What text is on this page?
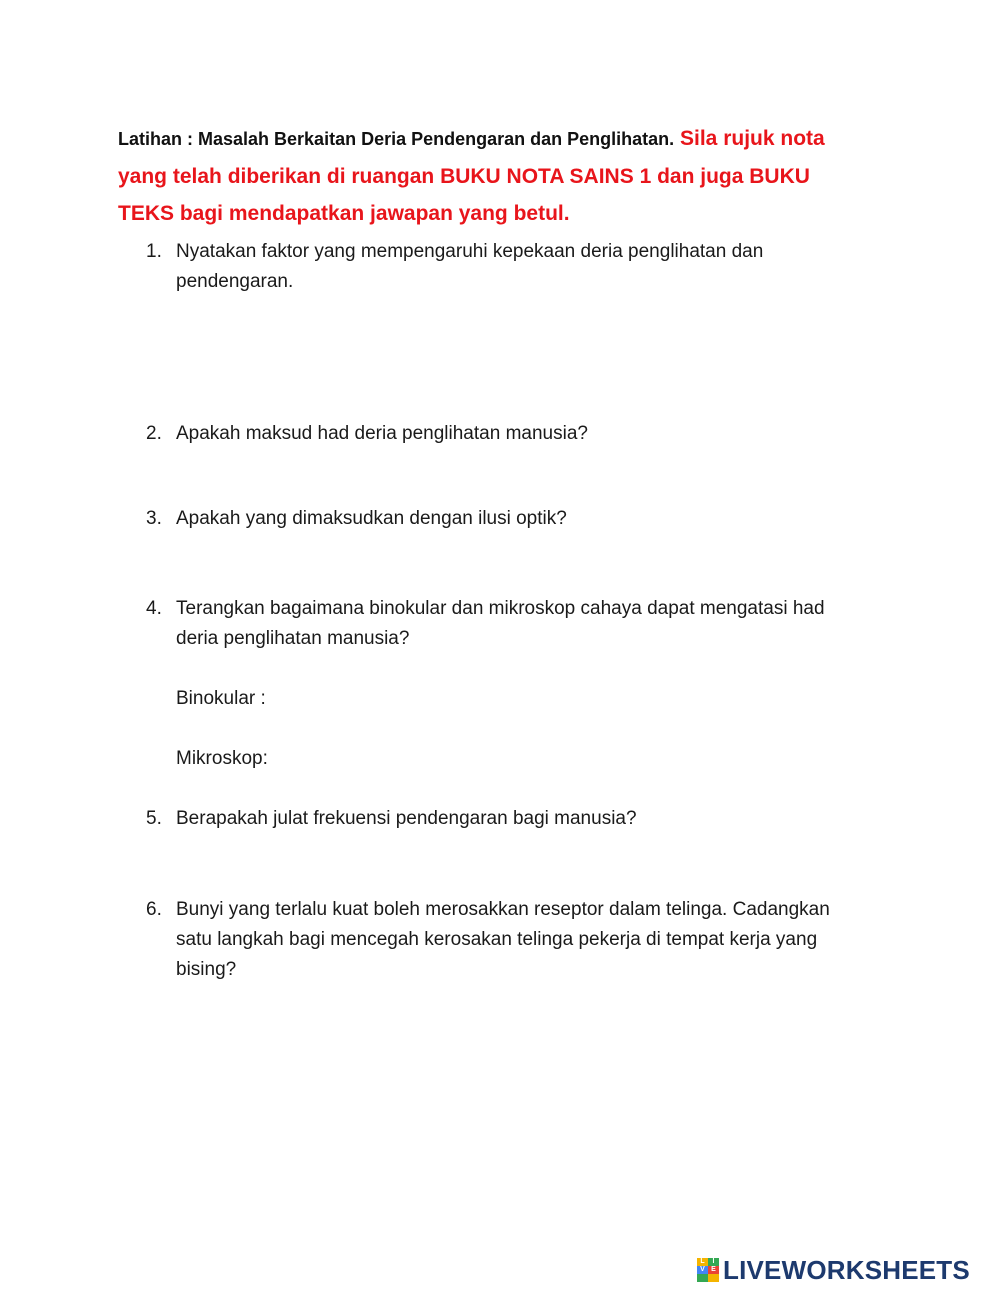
Latihan : Masalah Berkaitan Deria Pendengaran dan Penglihatan. Sila rujuk nota yang telah diberikan di ruangan BUKU NOTA SAINS 1 dan juga BUKU TEKS bagi mendapatkan jawapan yang betul.
1. Nyatakan faktor yang mempengaruhi kepekaan deria penglihatan dan pendengaran.
2. Apakah maksud had deria penglihatan manusia?
3. Apakah yang dimaksudkan dengan ilusi optik?
4. Terangkan bagaimana binokular dan mikroskop cahaya dapat mengatasi had deria penglihatan manusia?
Binokular :
Mikroskop:
5. Berapakah julat frekuensi pendengaran bagi manusia?
6. Bunyi yang terlalu kuat boleh merosakkan reseptor dalam telinga. Cadangkan satu langkah bagi mencegah kerosakan telinga pekerja di tempat kerja yang bising?
L	I
V E LIVEWORKSHEETS
